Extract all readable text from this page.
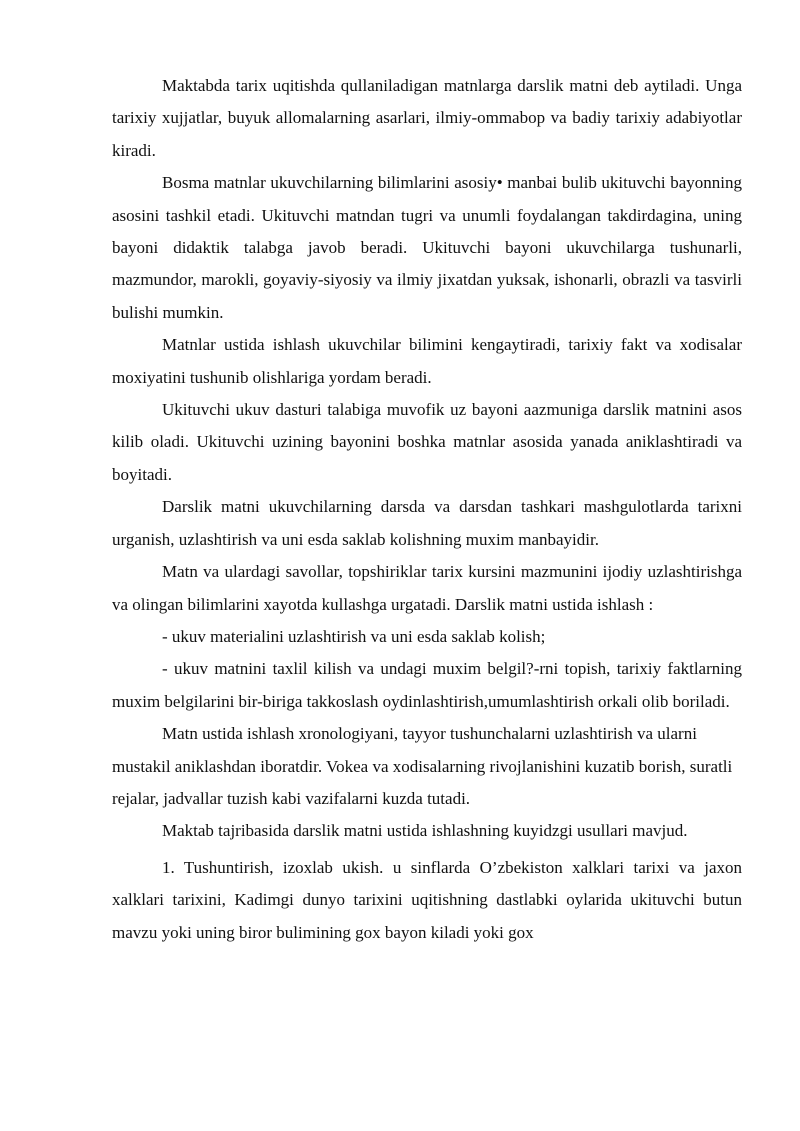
Maktabda tarix uqitishda qullaniladigan matnlarga darslik matni deb aytiladi. Unga tarixiy xujjatlar, buyuk allomalarning asarlari, ilmiy-ommabop va badiy tarixiy adabiyotlar kiradi.

Bosma matnlar ukuvchilarning bilimlarini asosiy• manbai bulib ukituvchi bayonning asosini tashkil etadi. Ukituvchi matndan tugri va unumli foydalangan takdirdagina, uning bayoni didaktik talabga javob beradi. Ukituvchi bayoni ukuvchilarga tushunarli, mazmundor, marokli, goyaviy-siyosiy va ilmiy jixatdan yuksak, ishonarli, obrazli va tasvirli bulishi mumkin.

Matnlar ustida ishlash ukuvchilar bilimini kengaytiradi, tarixiy fakt va xodisalar moxiyatini tushunib olishlariga yordam beradi.

Ukituvchi ukuv dasturi talabiga muvofik uz bayoni aazmuniga darslik matnini asos kilib oladi. Ukituvchi uzining bayonini boshka matnlar asosida yanada aniklashtiradi va boyitadi.

Darslik matni ukuvchilarning darsda va darsdan tashkari mashgulotlarda tarixni urganish, uzlashtirish va uni esda saklab kolishning muxim manbayidir.

Matn va ulardagi savollar, topshiriklar tarix kursini mazmunini ijodiy uzlashtirishga va olingan bilimlarini xayotda kullashga urgatadi. Darslik matni ustida ishlash :

- ukuv materialini uzlashtirish va uni esda saklab kolish;

- ukuv matnini taxlil kilish va undagi muxim belgil?-rni topish, tarixiy faktlarning muxim belgilarini bir-biriga takkoslash oydinlashtirish,umumlashtirish orkali olib boriladi.

Matn ustida ishlash xronologiyani, tayyor tushunchalarni uzlashtirish va ularni mustakil aniklashdan iboratdir. Vokea va xodisalarning rivojlanishini kuzatib borish, suratli rejalar, jadvallar tuzish kabi vazifalarni kuzda tutadi.

Maktab tajribasida darslik matni ustida ishlashning kuyidzgi usullari mavjud.

1. Tushuntirish, izoxlab ukish. u sinflarda O’zbekiston xalklari tarixi va jaxon xalklari tarixini, Kadimgi dunyo tarixini uqitishning dastlabki oylarida ukituvchi butun mavzu yoki uning biror bulimining gox bayon kiladi yoki gox
